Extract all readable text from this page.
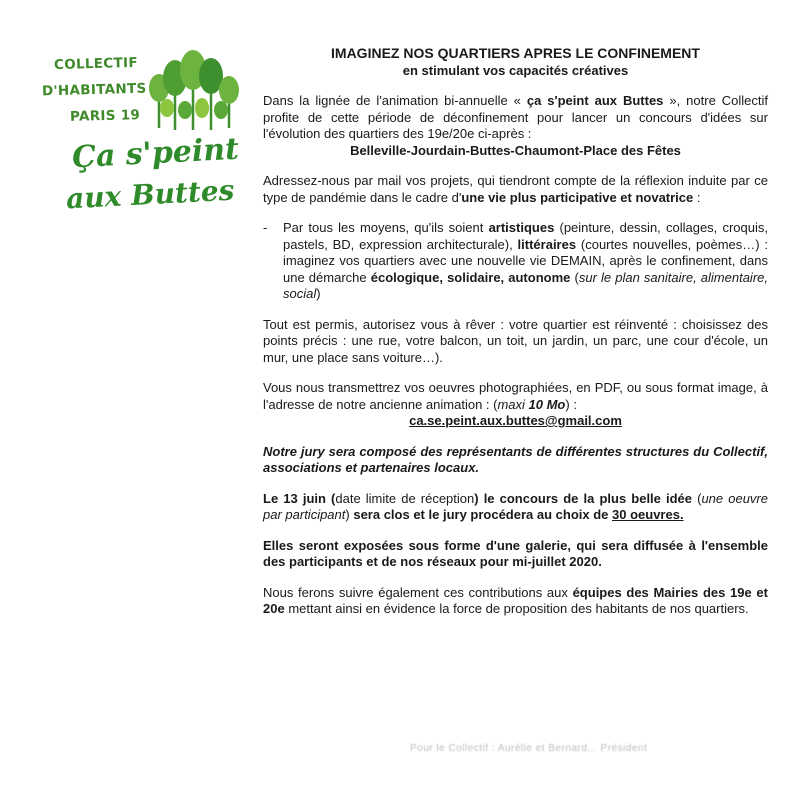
COLLECTIF
D'HABITANTS
PARIS 19
Ça s'peint
aux Buttes
IMAGINEZ NOS QUARTIERS APRES LE CONFINEMENT
en stimulant vos capacités créatives

Dans la lignée de l'animation bi-annuelle « ça s'peint aux Buttes », notre Collectif profite de cette période de déconfinement pour lancer un concours d'idées sur l'évolution des quartiers des 19e/20e ci-après :
Belleville-Jourdain-Buttes-Chaumont-Place des Fêtes

Adressez-nous par mail vos projets, qui tiendront compte de la réflexion induite par ce type de pandémie dans le cadre d'une vie plus participative et novatrice :

-	Par tous les moyens, qu'ils soient artistiques (peinture, dessin, collages, croquis, pastels, BD, expression architecturale), littéraires (courtes nouvelles, poèmes…) : imaginez vos quartiers avec une nouvelle vie DEMAIN, après le confinement, dans une démarche écologique, solidaire, autonome (sur le plan sanitaire, alimentaire, social)

Tout est permis, autorisez vous à rêver : votre quartier est réinventé : choisissez des points précis : une rue, votre balcon, un toit, un jardin, un parc, une cour d'école, un mur, une place sans voiture…).

Vous nous transmettrez vos oeuvres photographiées, en PDF, ou sous format image, à l'adresse de notre ancienne animation : (maxi 10 Mo) :
ca.se.peint.aux.buttes@gmail.com

Notre jury sera composé des représentants de différentes structures du Collectif, associations et partenaires locaux.

Le 13 juin (date limite de réception) le concours de la plus belle idée (une oeuvre par participant) sera clos et le jury procédera au choix de 30 oeuvres.

Elles seront exposées sous forme d'une galerie, qui sera diffusée à l'ensemble des participants et de nos réseaux pour mi-juillet 2020.

Nous ferons suivre également ces contributions aux équipes des Mairies des 19e et 20e mettant ainsi en évidence la force de proposition des habitants de nos quartiers.

Pour le Collectif : Aurélie et Bernard... Président
